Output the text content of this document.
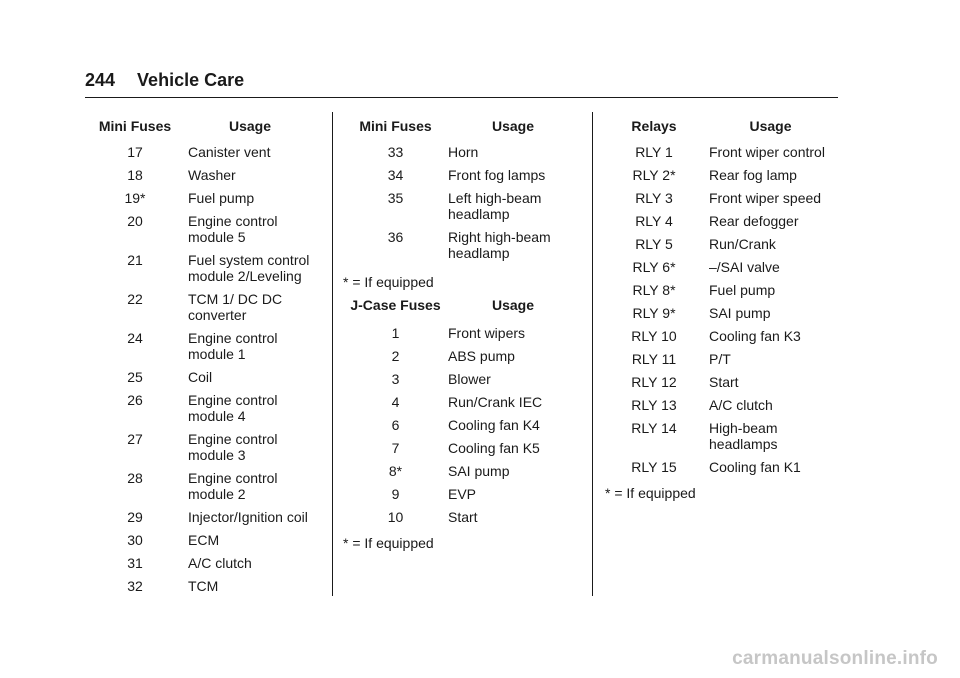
244 Vehicle Care
Mini Fuses	Usage
17	Canister vent
18	Washer
19*	Fuel pump
20	Engine control module 5
21	Fuel system control module 2/Leveling
22	TCM 1/ DC DC converter
24	Engine control module 1
25	Coil
26	Engine control module 4
27	Engine control module 3
28	Engine control module 2
29	Injector/Ignition coil
30	ECM
31	A/C clutch
32	TCM
Mini Fuses	Usage
33	Horn
34	Front fog lamps
35	Left high-beam headlamp
36	Right high-beam headlamp
* = If equipped
J-Case Fuses	Usage
1	Front wipers
2	ABS pump
3	Blower
4	Run/Crank IEC
6	Cooling fan K4
7	Cooling fan K5
8*	SAI pump
9	EVP
10	Start
* = If equipped
Relays	Usage
RLY 1	Front wiper control
RLY 2*	Rear fog lamp
RLY 3	Front wiper speed
RLY 4	Rear defogger
RLY 5	Run/Crank
RLY 6*	–/SAI valve
RLY 8*	Fuel pump
RLY 9*	SAI pump
RLY 10	Cooling fan K3
RLY 11	P/T
RLY 12	Start
RLY 13	A/C clutch
RLY 14	High-beam headlamps
RLY 15	Cooling fan K1
* = If equipped
carmanualsonline.info
